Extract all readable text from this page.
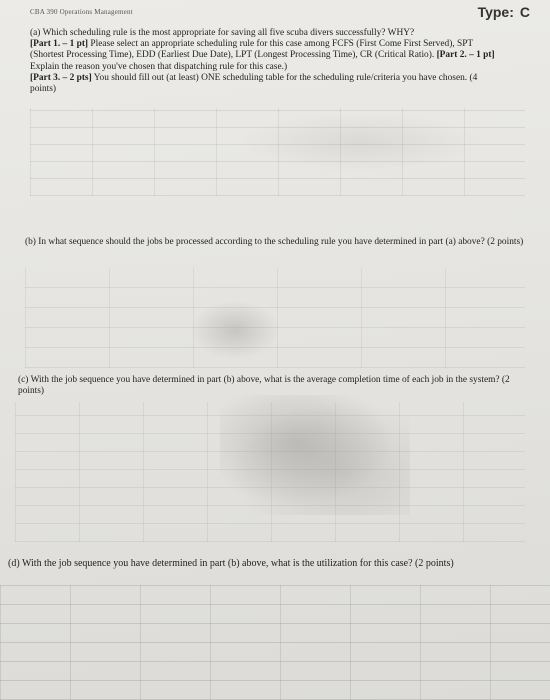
CBA 390 Operations Management	Type: C

(a) Which scheduling rule is the most appropriate for saving all five scuba divers successfully? WHY?
[Part 1. – 1 pt] Please select an appropriate scheduling rule for this case among FCFS (First Come First Served), SPT (Shortest Processing Time), EDD (Earliest Due Date), LPT (Longest Processing Time), CR (Critical Ratio). [Part 2. – 1 pt] Explain the reason you've chosen that dispatching rule for this case.)
[Part 3. – 2 pts] You should fill out (at least) ONE scheduling table for the scheduling rule/criteria you have chosen. (4 points)

(b) In what sequence should the jobs be processed according to the scheduling rule you have determined in part (a) above? (2 points)

(c) With the job sequence you have determined in part (b) above, what is the average completion time of each job in the system? (2 points)

(d) With the job sequence you have determined in part (b) above, what is the utilization for this case? (2 points)
